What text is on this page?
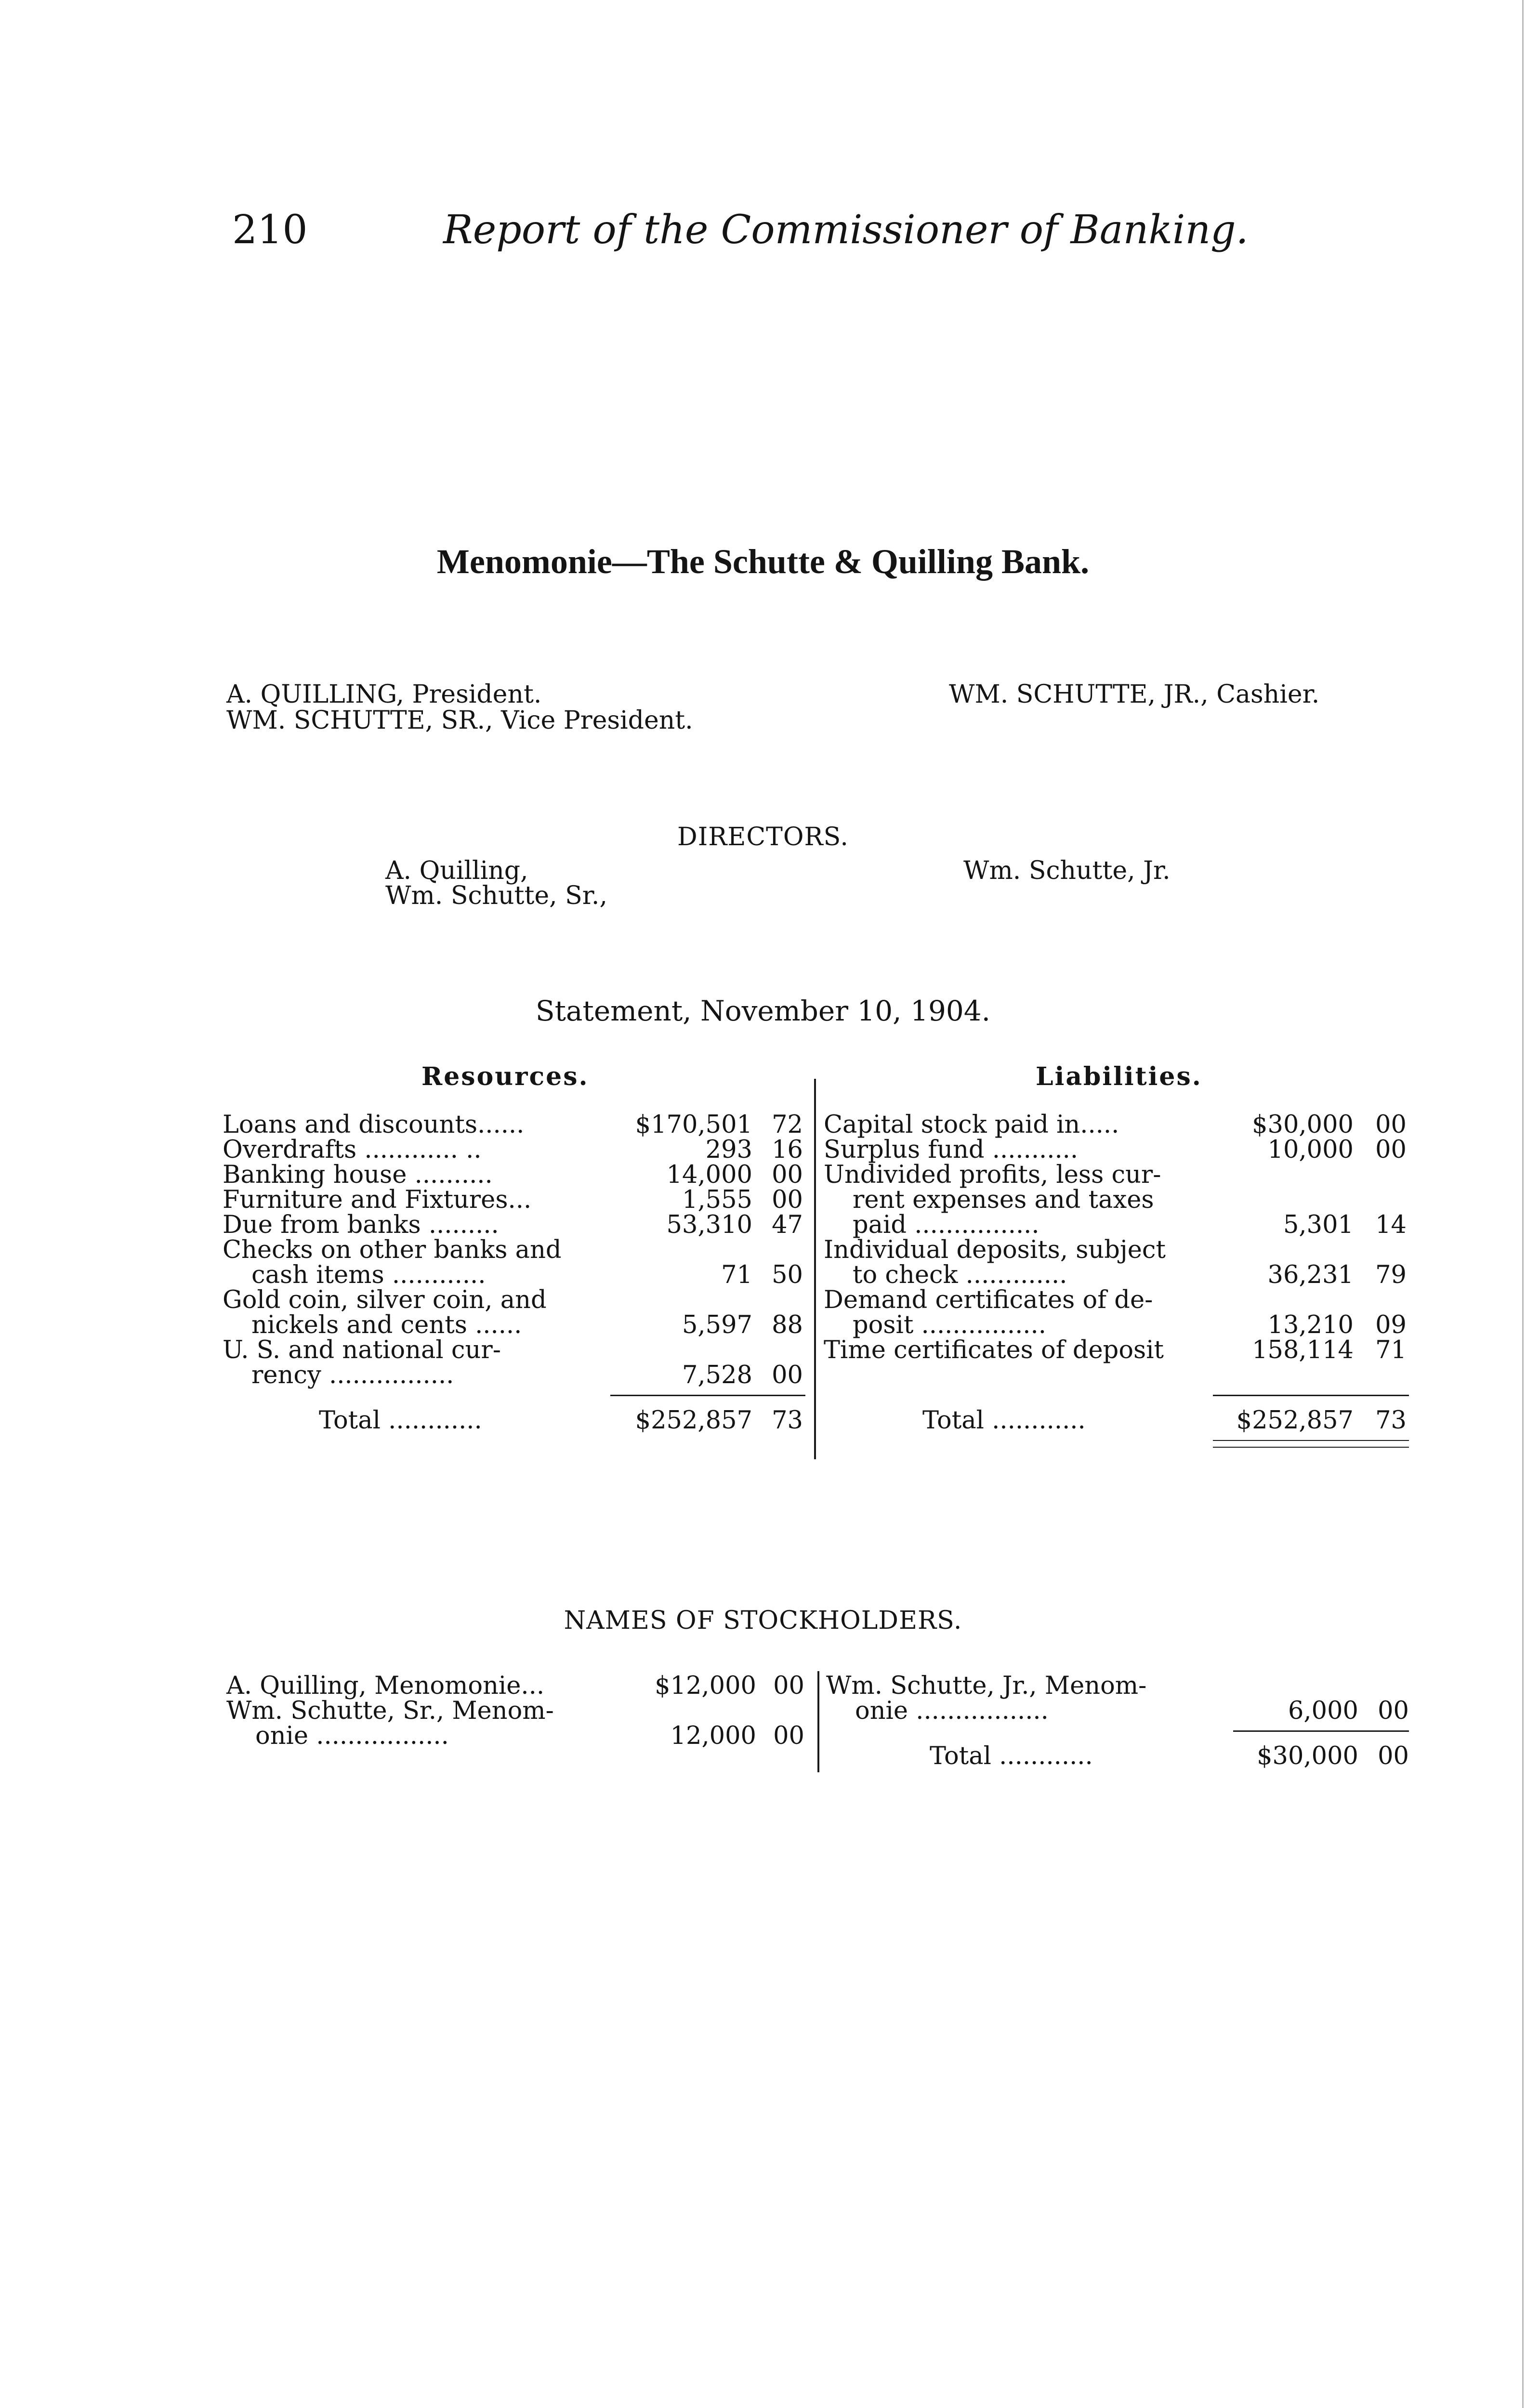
210	Report of the Commissioner of Banking.
Menomonie—The Schutte & Quilling Bank.
A. QUILLING, President.
WM. SCHUTTE, SR., Vice President.
WM. SCHUTTE, JR., Cashier.
DIRECTORS.
A. Quilling,
Wm. Schutte, Sr.,
Wm. Schutte, Jr.
Statement, November 10, 1904.
Resources.	Liabilities.
Loans and discounts......	$170,501 72
Overdrafts ............ ..	293 16
Banking house ..........	14,000 00
Furniture and Fixtures...	1,555 00
Due from banks .........	53,310 47
Checks on other banks and
cash items ............	71 50
Gold coin, silver coin, and
nickels and cents ......	5,597 88
U. S. and national cur-
rency ................	7,528 00
Total ............	$252,857 73
Capital stock paid in.....	$30,000 00
Surplus fund ...........	10,000 00
Undivided profits, less cur-
rent expenses and taxes
paid ................	5,301 14
Individual deposits, subject
to check .............	36,231 79
Demand certificates of de-
posit ................	13,210 09
Time certificates of deposit	158,114 71
Total ............	$252,857 73
NAMES OF STOCKHOLDERS.
A. Quilling, Menomonie...	$12,000 00
Wm. Schutte, Sr., Menom-
onie .................	12,000 00
Wm. Schutte, Jr., Menom-
onie .................	6,000 00
Total ............	$30,000 00
